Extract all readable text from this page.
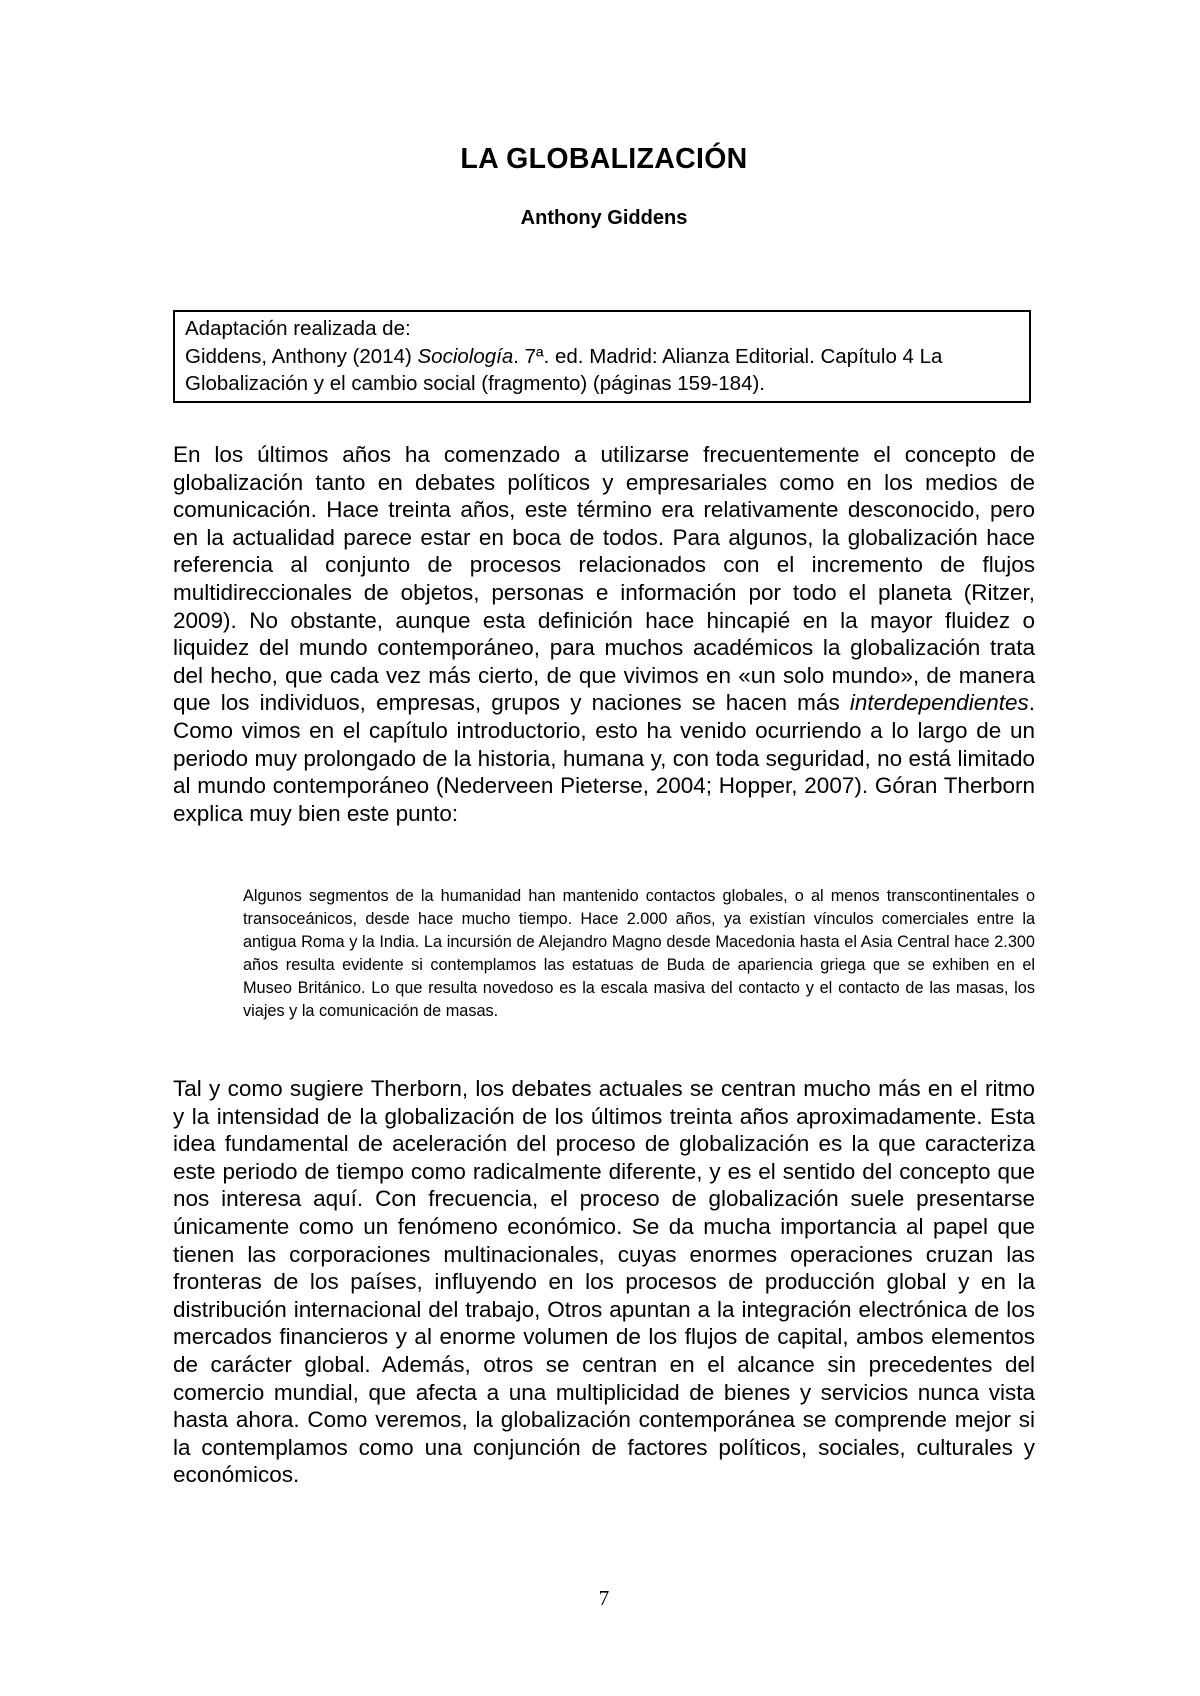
LA GLOBALIZACIÓN
Anthony Giddens

Adaptación realizada de:

Giddens, Anthony (2014) Sociología. 7ª. ed. Madrid: Alianza Editorial. Capítulo 4 La Globalización y el cambio social (fragmento) (páginas 159-184).

En los últimos años ha comenzado a utilizarse frecuentemente el concepto de globalización tanto en debates políticos y empresariales como en los medios de comunicación. Hace treinta años, este término era relativamente desconocido, pero en la actualidad parece estar en boca de todos. Para algunos, la globalización hace referencia al conjunto de procesos relacionados con el incremento de flujos multidireccionales de objetos, personas e información por todo el planeta (Ritzer, 2009). No obstante, aunque esta definición hace hincapié en la mayor fluidez o liquidez del mundo contemporáneo, para muchos académicos la globalización trata del hecho, que cada vez más cierto, de que vivimos en «un solo mundo», de manera que los individuos, empresas, grupos y naciones se hacen más interdependientes. Como vimos en el capítulo introductorio, esto ha venido ocurriendo a lo largo de un periodo muy prolongado de la historia, humana y, con toda seguridad, no está limitado al mundo contemporáneo (Nederveen Pieterse, 2004; Hopper, 2007). Góran Therborn explica muy bien este punto:

Algunos segmentos de la humanidad han mantenido contactos globales, o al menos transcontinentales o transoceánicos, desde hace mucho tiempo. Hace 2.000 años, ya existían vínculos comerciales entre la antigua Roma y la India. La incursión de Alejandro Magno desde Macedonia hasta el Asia Central hace 2.300 años resulta evidente si contemplamos las estatuas de Buda de apariencia griega que se exhiben en el Museo Británico. Lo que resulta novedoso es la escala masiva del contacto y el contacto de las masas, los viajes y la comunicación de masas.

Tal y como sugiere Therborn, los debates actuales se centran mucho más en el ritmo y la intensidad de la globalización de los últimos treinta años aproximadamente. Esta idea fundamental de aceleración del proceso de globalización es la que caracteriza este periodo de tiempo como radicalmente diferente, y es el sentido del concepto que nos interesa aquí. Con frecuencia, el proceso de globalización suele presentarse únicamente como un fenómeno económico. Se da mucha importancia al papel que tienen las corporaciones multinacionales, cuyas enormes operaciones cruzan las fronteras de los países, influyendo en los procesos de producción global y en la distribución internacional del trabajo, Otros apuntan a la integración electrónica de los mercados financieros y al enorme volumen de los flujos de capital, ambos elementos de carácter global. Además, otros se centran en el alcance sin precedentes del comercio mundial, que afecta a una multiplicidad de bienes y servicios nunca vista hasta ahora. Como veremos, la globalización contemporánea se comprende mejor si la contemplamos como una conjunción de factores políticos, sociales, culturales y económicos.

7
